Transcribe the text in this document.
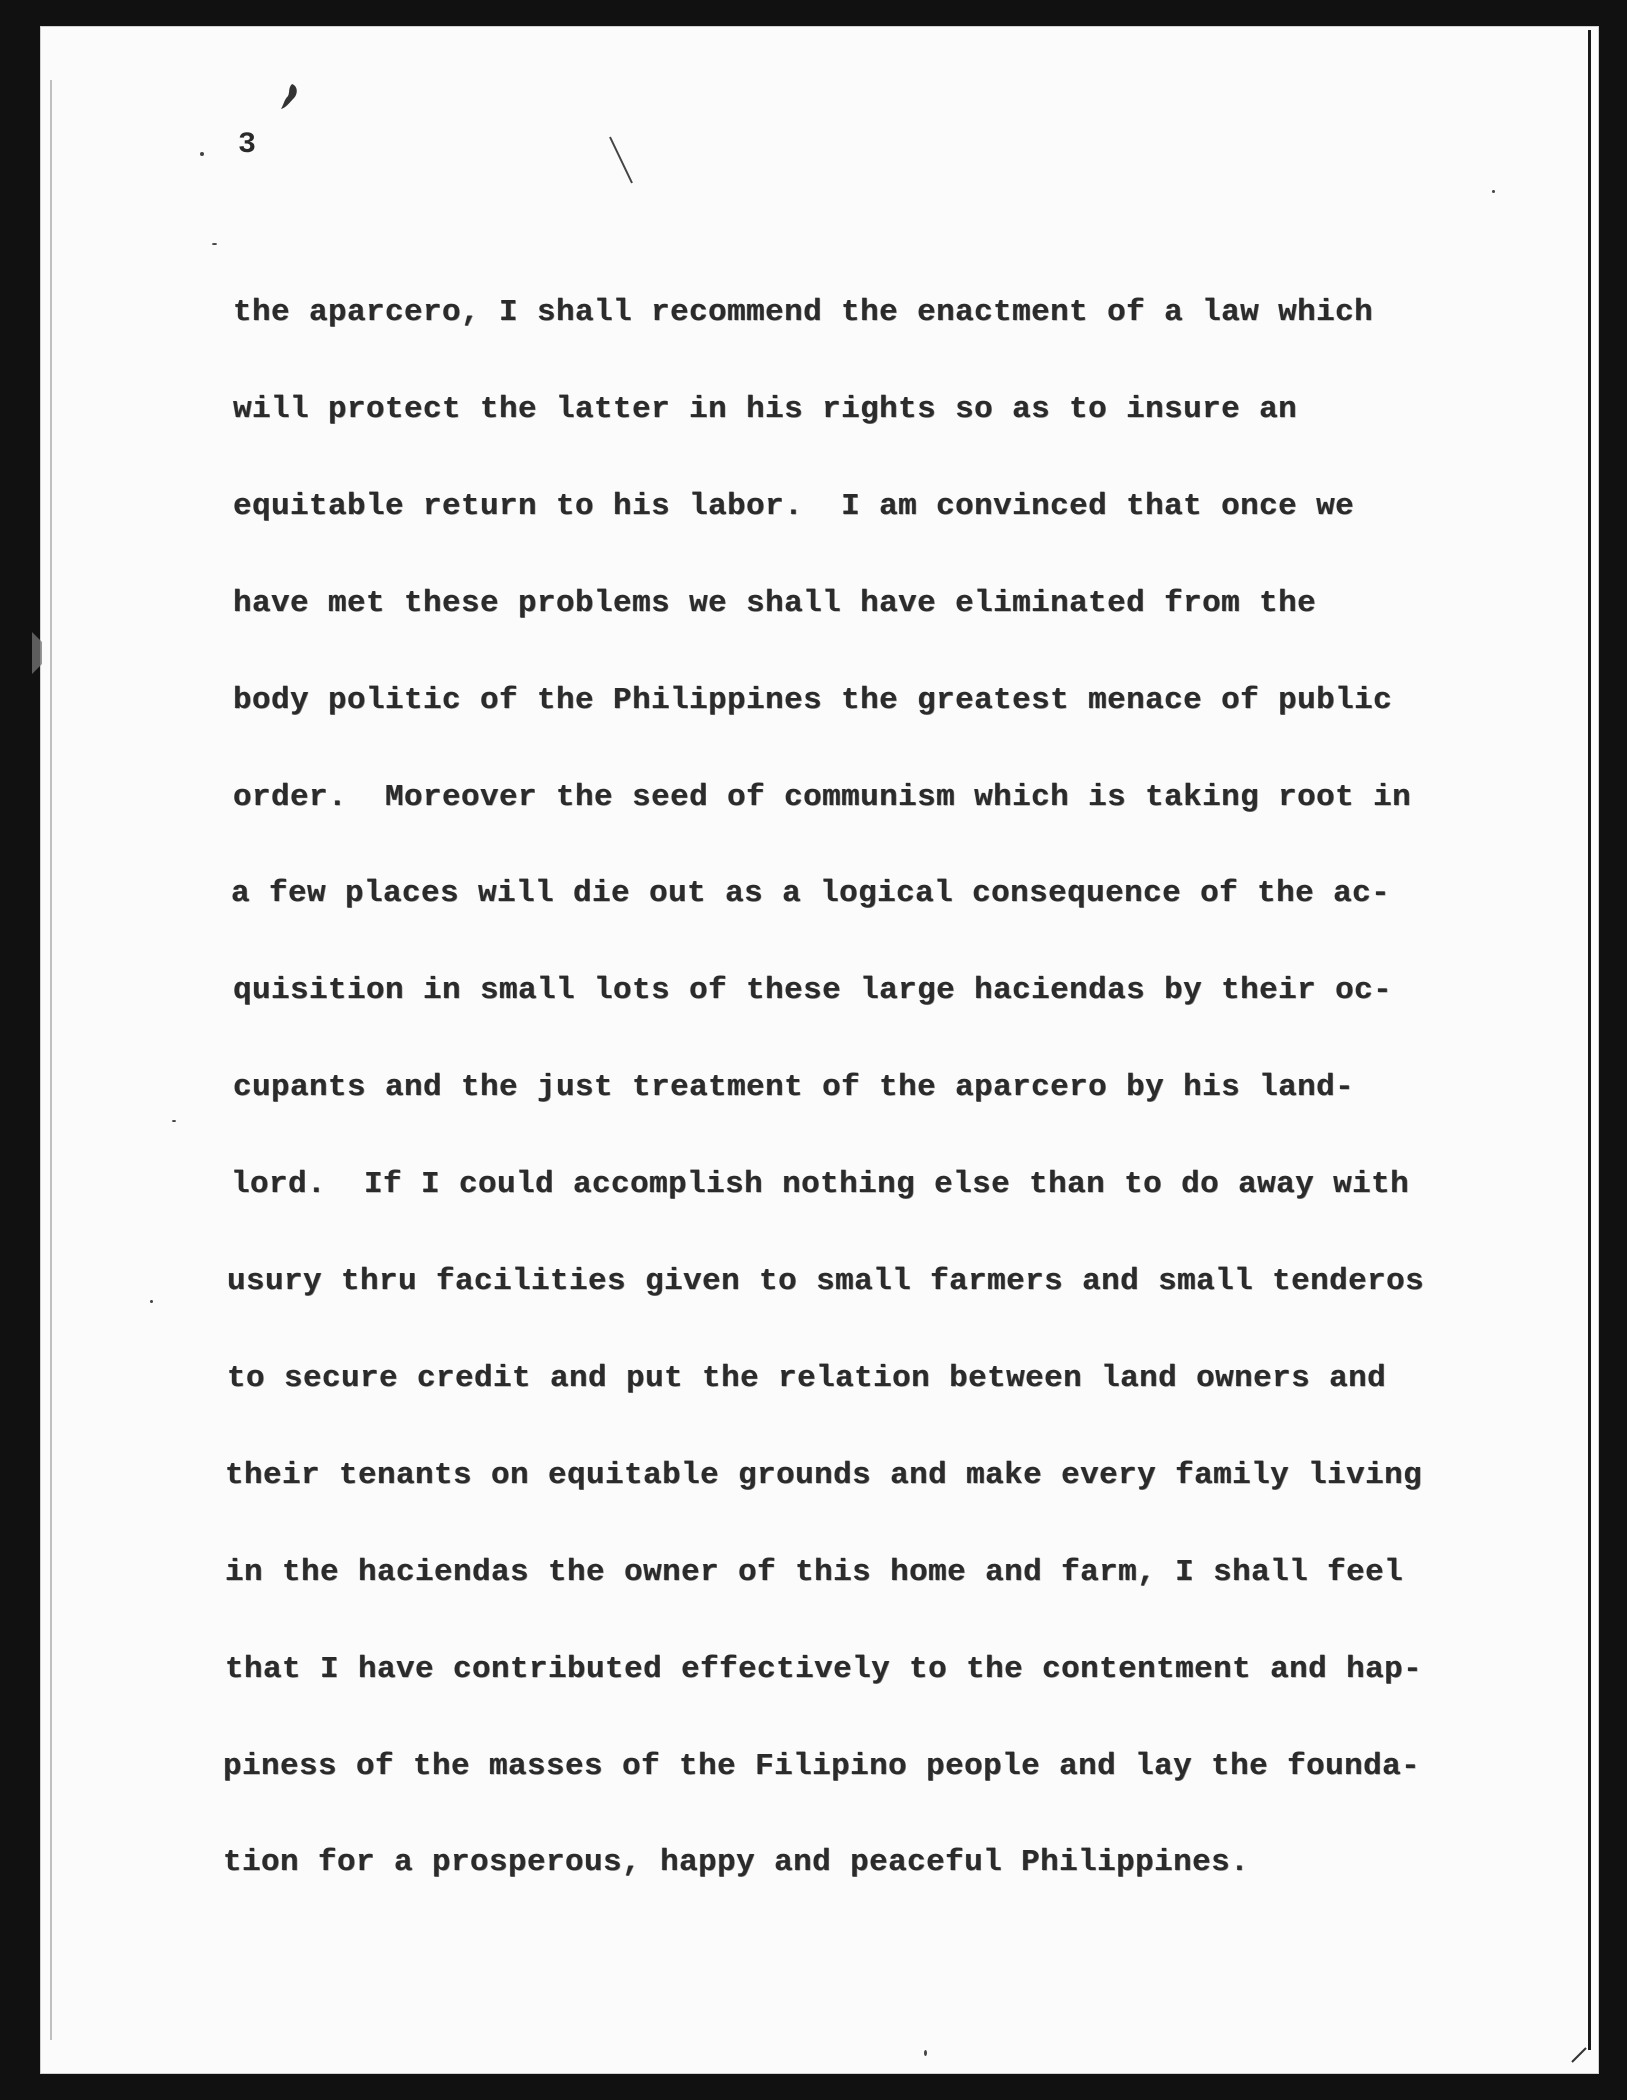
3
the aparcero, I shall recommend the enactment of a law which
will protect the latter in his rights so as to insure an
equitable return to his labor.  I am convinced that once we
have met these problems we shall have eliminated from the
body politic of the Philippines the greatest menace of public
order.  Moreover the seed of communism which is taking root in
a few places will die out as a logical consequence of the ac-
quisition in small lots of these large haciendas by their oc-
cupants and the just treatment of the aparcero by his land-
lord.  If I could accomplish nothing else than to do away with
usury thru facilities given to small farmers and small tenderos
to secure credit and put the relation between land owners and
their tenants on equitable grounds and make every family living
in the haciendas the owner of this home and farm, I shall feel
that I have contributed effectively to the contentment and hap-
piness of the masses of the Filipino people and lay the founda-
tion for a prosperous, happy and peaceful Philippines.
